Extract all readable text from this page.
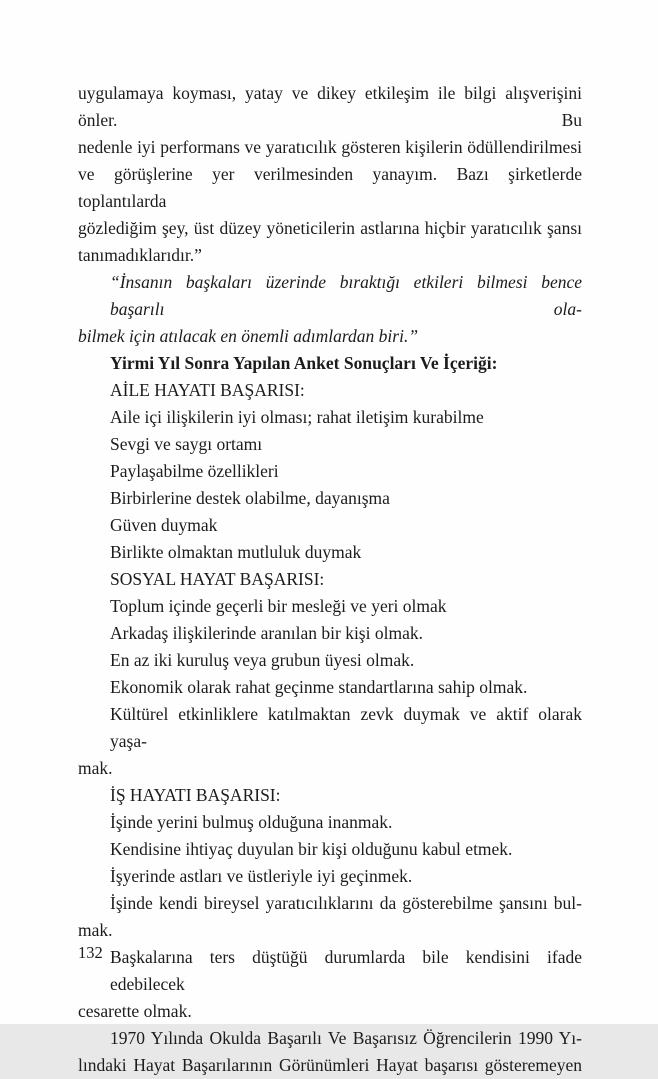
uygulamaya koyması, yatay ve dikey etkileşim ile bilgi alışverişini önler. Bu
nedenle iyi performans ve yaratıcılık gösteren kişilerin ödüllendirilmesi
ve görüşlerine yer verilmesinden yanayım. Bazı şirketlerde toplantılarda
gözlediğim şey, üst düzey yöneticilerin astlarına hiçbir yaratıcılık şansı
tanımadıklarıdır.”
“İnsanın başkaları üzerinde bıraktığı etkileri bilmesi bence başarılı ola-
bilmek için atılacak en önemli adımlardan biri.”
Yirmi Yıl Sonra Yapılan Anket Sonuçları Ve İçeriği:
AİLE HAYATI BAŞARISI:
Aile içi ilişkilerin iyi olması; rahat iletişim kurabilme
Sevgi ve saygı ortamı
Paylaşabilme özellikleri
Birbirlerine destek olabilme, dayanışma
Güven duymak
Birlikte olmaktan mutluluk duymak
SOSYAL HAYAT BAŞARISI:
Toplum içinde geçerli bir mesleği ve yeri olmak
Arkadaş ilişkilerinde aranılan bir kişi olmak.
En az iki kuruluş veya grubun üyesi olmak.
Ekonomik olarak rahat geçinme standartlarına sahip olmak.
Kültürel etkinliklere katılmaktan zevk duymak ve aktif olarak yaşa-
mak.
İŞ HAYATI BAŞARISI:
İşinde yerini bulmuş olduğuna inanmak.
Kendisine ihtiyaç duyulan bir kişi olduğunu kabul etmek.
İşyerinde astları ve üstleriyle iyi geçinmek.
İşinde kendi bireysel yaratıcılıklarını da gösterebilme şansını bul-
mak.
Başkalarına ters düştüğü durumlarda bile kendisini ifade edebilecek
cesarette olmak.
1970 Yılında Okulda Başarılı Ve Başarısız Öğrencilerin 1990 Yı-
lındaki Hayat Başarılarının Görünümleri Hayat başarısı gösteremeyen
132
